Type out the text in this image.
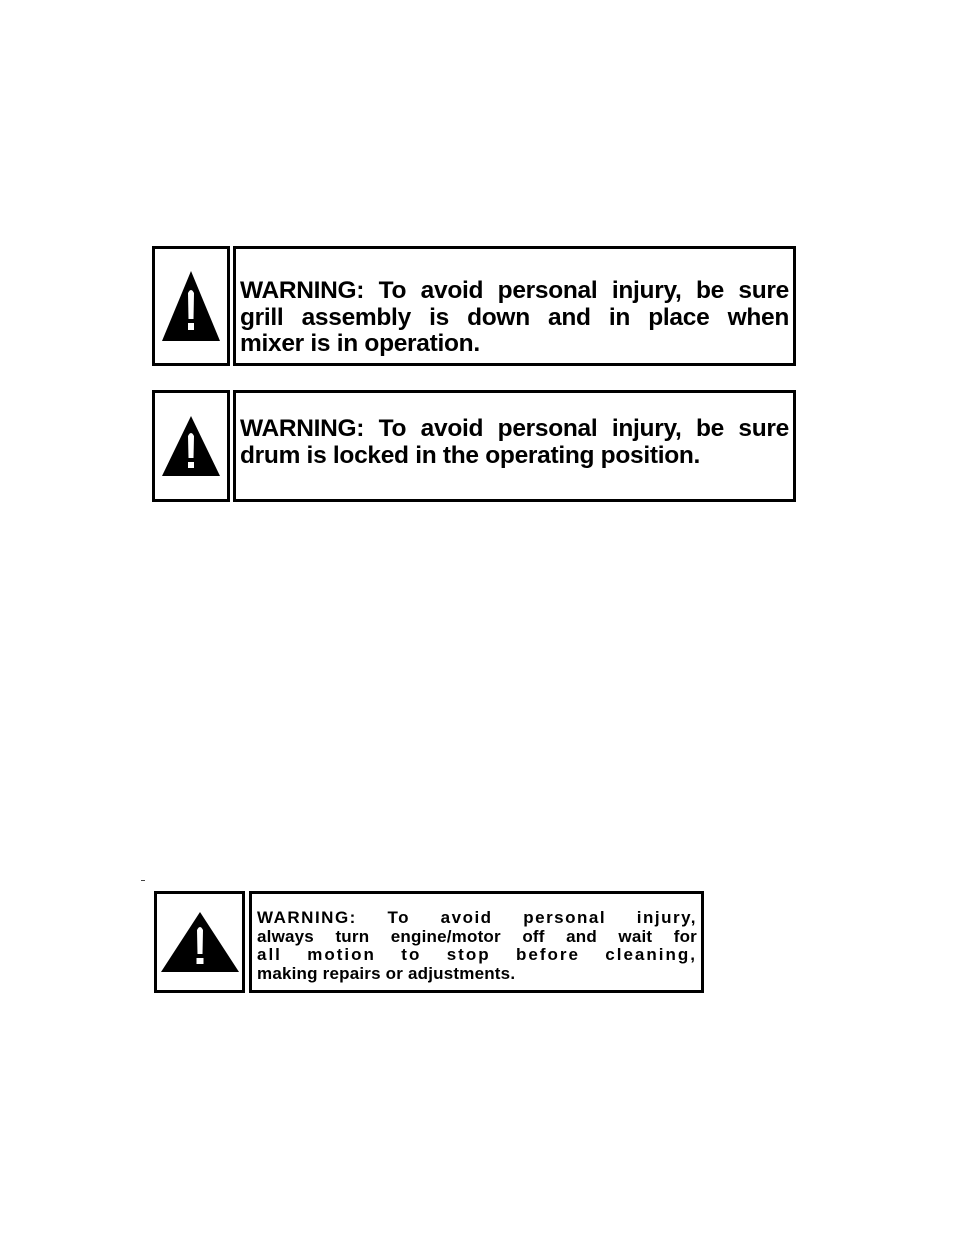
WARNING: To avoid personal injury, be sure
grill assembly is down and in place when
mixer is in operation.
WARNING: To avoid personal injury, be sure
drum is locked in the operating position.
WARNING: To avoid personal injury,
always turn engine/motor off and wait for
all motion to stop before cleaning,
making repairs or adjustments.
